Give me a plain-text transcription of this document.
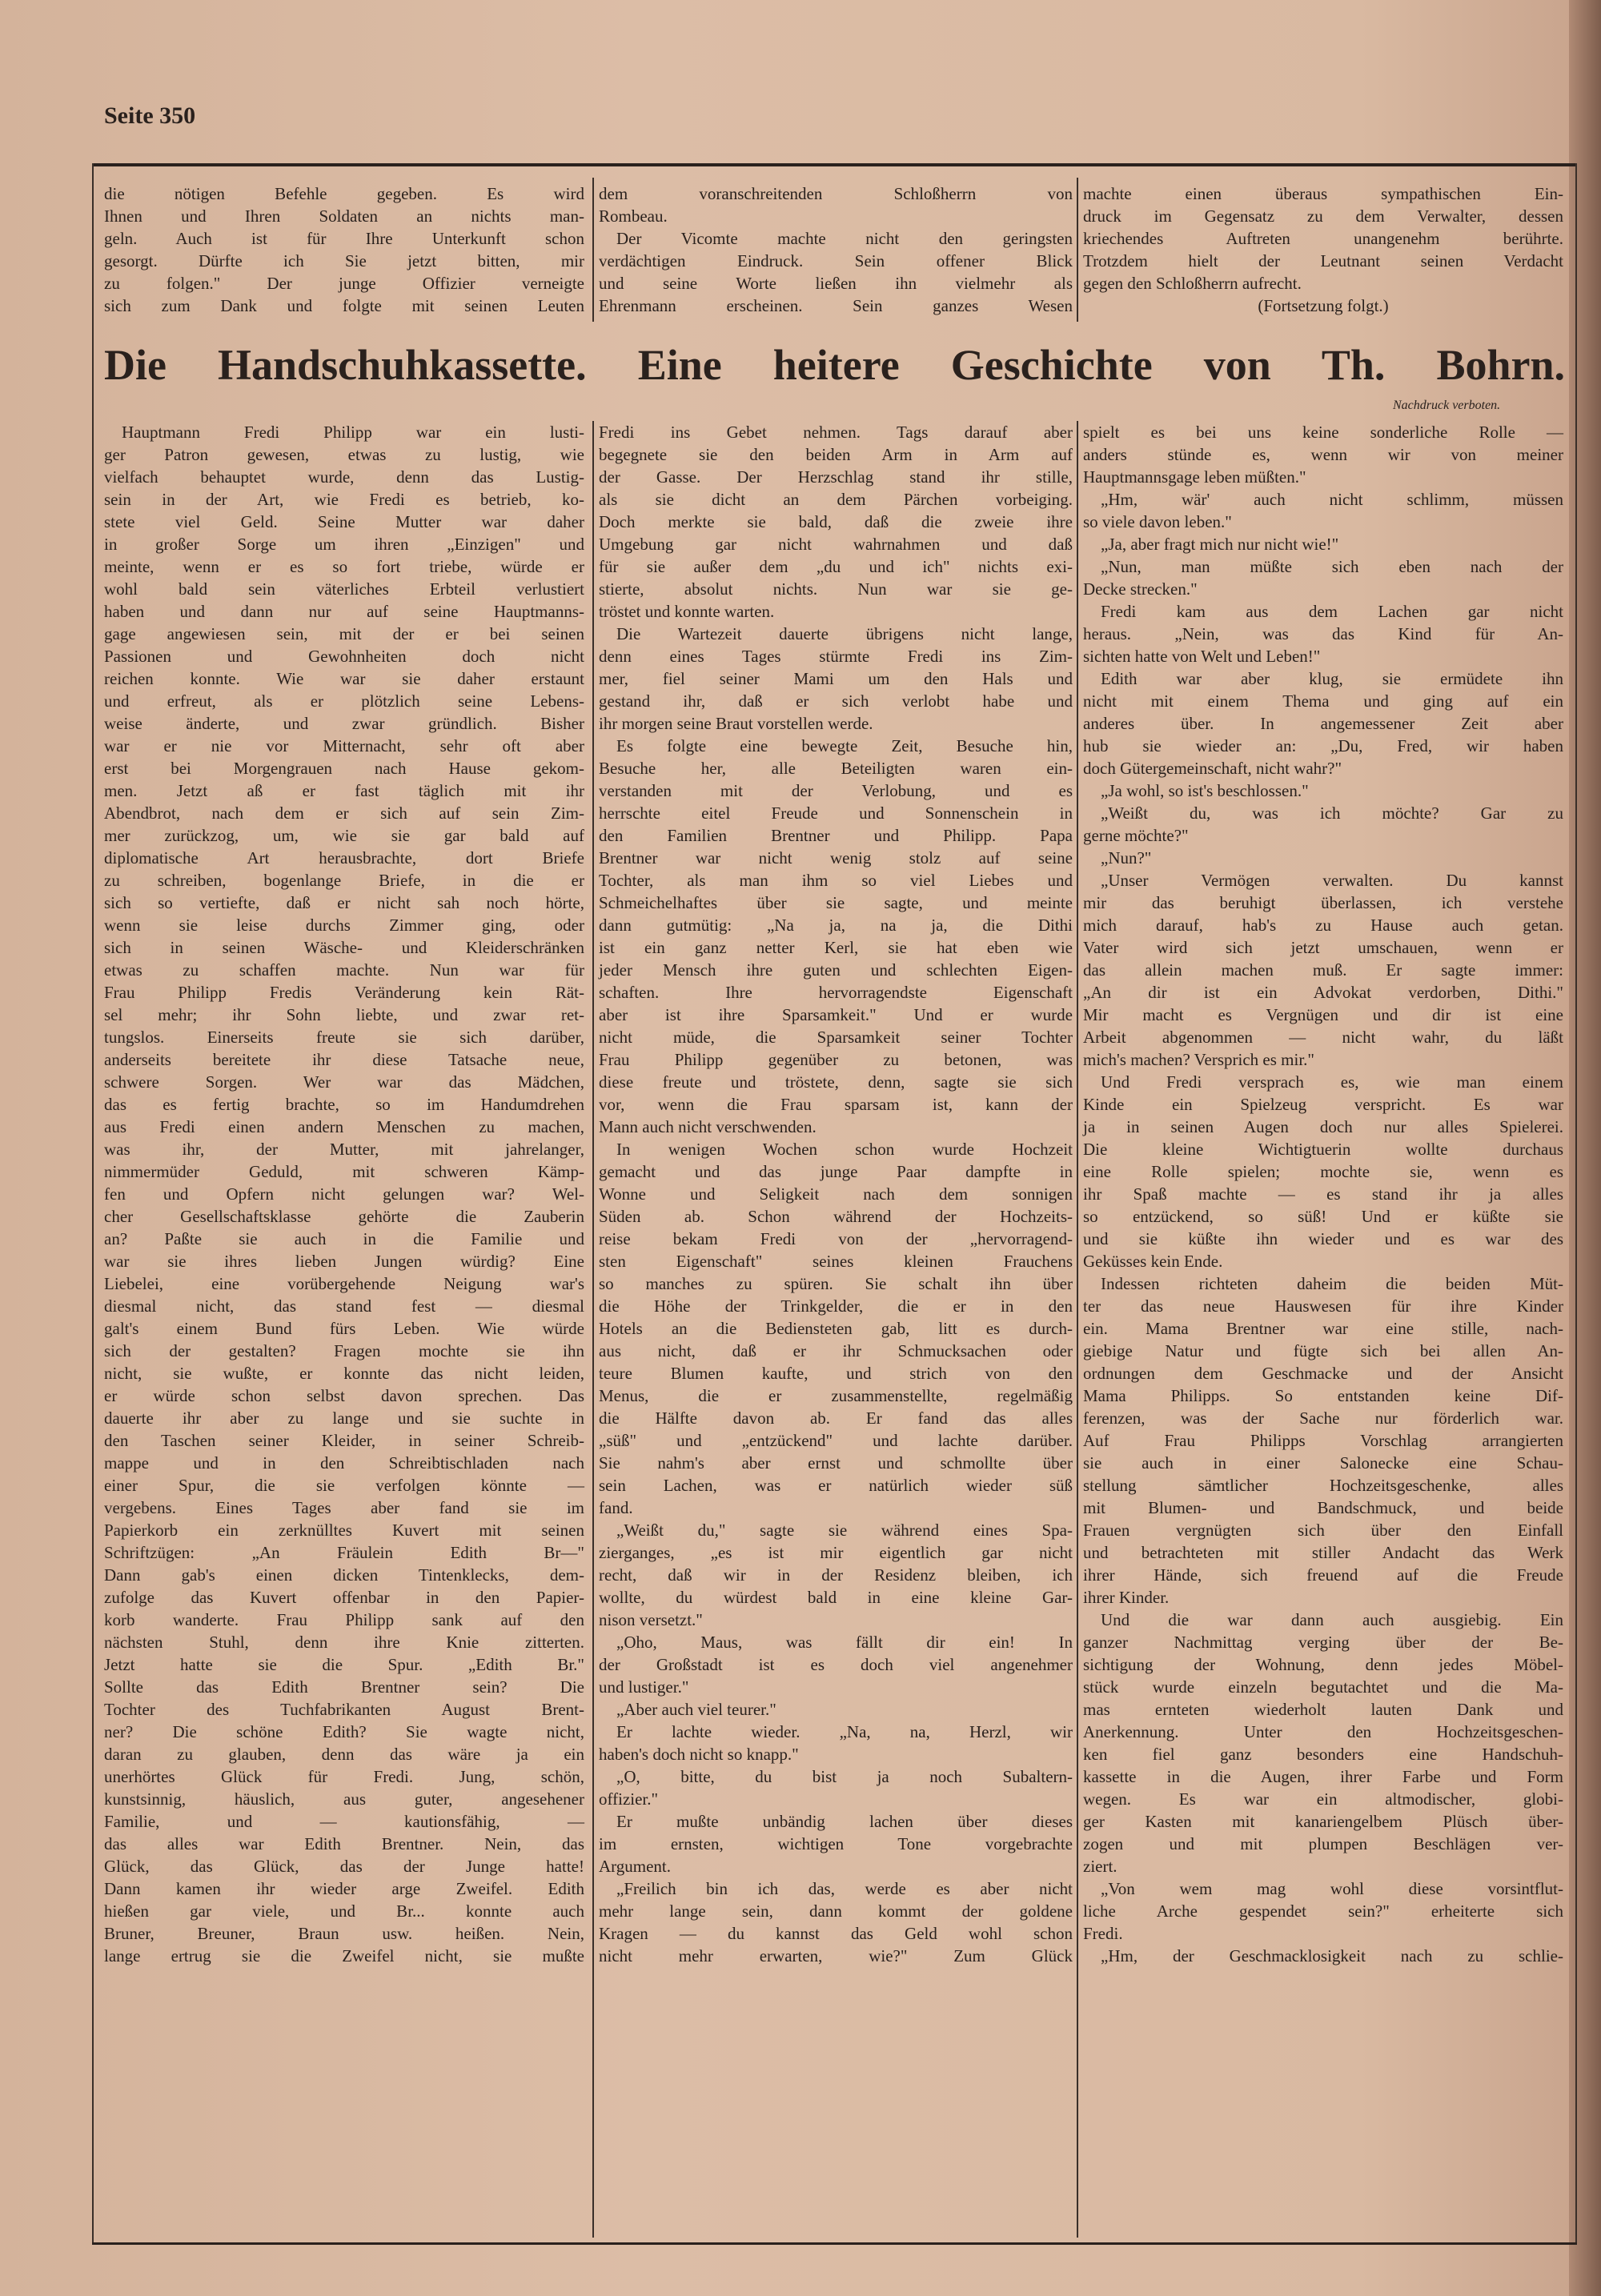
Seite 350
die nötigen Befehle gegeben. Es wird
Ihnen und Ihren Soldaten an nichts man-
geln. Auch ist für Ihre Unterkunft schon
gesorgt. Dürfte ich Sie jetzt bitten, mir
zu folgen." Der junge Offizier verneigte
sich zum Dank und folgte mit seinen Leuten
dem voranschreitenden Schloßherrn von
Rombeau.
Der Vicomte machte nicht den geringsten
verdächtigen Eindruck. Sein offener Blick
und seine Worte ließen ihn vielmehr als
Ehrenmann erscheinen. Sein ganzes Wesen
machte einen überaus sympathischen Ein-
druck im Gegensatz zu dem Verwalter, dessen
kriechendes Auftreten unangenehm berührte.
Trotzdem hielt der Leutnant seinen Verdacht
gegen den Schloßherrn aufrecht.
(Fortsetzung folgt.)
Die Handschuhkassette. Eine heitere Geschichte von Th. Bohrn.
Nachdruck verboten.
Hauptmann Fredi Philipp war ein lusti-
ger Patron gewesen, etwas zu lustig, wie
vielfach behauptet wurde, denn das Lustig-
sein in der Art, wie Fredi es betrieb, ko-
stete viel Geld. Seine Mutter war daher
in großer Sorge um ihren „Einzigen" und
meinte, wenn er es so fort triebe, würde er
wohl bald sein väterliches Erbteil verlustiert
haben und dann nur auf seine Hauptmanns-
gage angewiesen sein, mit der er bei seinen
Passionen und Gewohnheiten doch nicht
reichen konnte. Wie war sie daher erstaunt
und erfreut, als er plötzlich seine Lebens-
weise änderte, und zwar gründlich. Bisher
war er nie vor Mitternacht, sehr oft aber
erst bei Morgengrauen nach Hause gekom-
men. Jetzt aß er fast täglich mit ihr
Abendbrot, nach dem er sich auf sein Zim-
mer zurückzog, um, wie sie gar bald auf
diplomatische Art herausbrachte, dort Briefe
zu schreiben, bogenlange Briefe, in die er
sich so vertiefte, daß er nicht sah noch hörte,
wenn sie leise durchs Zimmer ging, oder
sich in seinen Wäsche- und Kleiderschränken
etwas zu schaffen machte. Nun war für
Frau Philipp Fredis Veränderung kein Rät-
sel mehr; ihr Sohn liebte, und zwar ret-
tungslos. Einerseits freute sie sich darüber,
anderseits bereitete ihr diese Tatsache neue,
schwere Sorgen. Wer war das Mädchen,
das es fertig brachte, so im Handumdrehen
aus Fredi einen andern Menschen zu machen,
was ihr, der Mutter, mit jahrelanger,
nimmermüder Geduld, mit schweren Kämp-
fen und Opfern nicht gelungen war? Wel-
cher Gesellschaftsklasse gehörte die Zauberin
an? Paßte sie auch in die Familie und
war sie ihres lieben Jungen würdig? Eine
Liebelei, eine vorübergehende Neigung war's
diesmal nicht, das stand fest — diesmal
galt's einem Bund fürs Leben. Wie würde
sich der gestalten? Fragen mochte sie ihn
nicht, sie wußte, er konnte das nicht leiden,
er würde schon selbst davon sprechen. Das
dauerte ihr aber zu lange und sie suchte in
den Taschen seiner Kleider, in seiner Schreib-
mappe und in den Schreibtischladen nach
einer Spur, die sie verfolgen könnte —
vergebens. Eines Tages aber fand sie im
Papierkorb ein zerknülltes Kuvert mit seinen
Schriftzügen: „An Fräulein Edith Br—"
Dann gab's einen dicken Tintenklecks, dem-
zufolge das Kuvert offenbar in den Papier-
korb wanderte. Frau Philipp sank auf den
nächsten Stuhl, denn ihre Knie zitterten.
Jetzt hatte sie die Spur. „Edith Br."
Sollte das Edith Brentner sein? Die
Tochter des Tuchfabrikanten August Brent-
ner? Die schöne Edith? Sie wagte nicht,
daran zu glauben, denn das wäre ja ein
unerhörtes Glück für Fredi. Jung, schön,
kunstsinnig, häuslich, aus guter, angesehener
Familie, und — kautionsfähig, —
das alles war Edith Brentner. Nein, das
Glück, das Glück, das der Junge hatte!
Dann kamen ihr wieder arge Zweifel. Edith
hießen gar viele, und Br... konnte auch
Bruner, Breuner, Braun usw. heißen. Nein,
lange ertrug sie die Zweifel nicht, sie mußte
Fredi ins Gebet nehmen. Tags darauf aber
begegnete sie den beiden Arm in Arm auf
der Gasse. Der Herzschlag stand ihr stille,
als sie dicht an dem Pärchen vorbeiging.
Doch merkte sie bald, daß die zweie ihre
Umgebung gar nicht wahrnahmen und daß
für sie außer dem „du und ich" nichts exi-
stierte, absolut nichts. Nun war sie ge-
tröstet und konnte warten.
Die Wartezeit dauerte übrigens nicht lange,
denn eines Tages stürmte Fredi ins Zim-
mer, fiel seiner Mami um den Hals und
gestand ihr, daß er sich verlobt habe und
ihr morgen seine Braut vorstellen werde.
Es folgte eine bewegte Zeit, Besuche hin,
Besuche her, alle Beteiligten waren ein-
verstanden mit der Verlobung, und es
herrschte eitel Freude und Sonnenschein in
den Familien Brentner und Philipp. Papa
Brentner war nicht wenig stolz auf seine
Tochter, als man ihm so viel Liebes und
Schmeichelhaftes über sie sagte, und meinte
dann gutmütig: „Na ja, na ja, die Dithi
ist ein ganz netter Kerl, sie hat eben wie
jeder Mensch ihre guten und schlechten Eigen-
schaften. Ihre hervorragendste Eigenschaft
aber ist ihre Sparsamkeit." Und er wurde
nicht müde, die Sparsamkeit seiner Tochter
Frau Philipp gegenüber zu betonen, was
diese freute und tröstete, denn, sagte sie sich
vor, wenn die Frau sparsam ist, kann der
Mann auch nicht verschwenden.
In wenigen Wochen schon wurde Hochzeit
gemacht und das junge Paar dampfte in
Wonne und Seligkeit nach dem sonnigen
Süden ab. Schon während der Hochzeits-
reise bekam Fredi von der „hervorragend-
sten Eigenschaft" seines kleinen Frauchens
so manches zu spüren. Sie schalt ihn über
die Höhe der Trinkgelder, die er in den
Hotels an die Bediensteten gab, litt es durch-
aus nicht, daß er ihr Schmucksachen oder
teure Blumen kaufte, und strich von den
Menus, die er zusammenstellte, regelmäßig
die Hälfte davon ab. Er fand das alles
„süß" und „entzückend" und lachte darüber.
Sie nahm's aber ernst und schmollte über
sein Lachen, was er natürlich wieder süß
fand.
„Weißt du," sagte sie während eines Spa-
zierganges, „es ist mir eigentlich gar nicht
recht, daß wir in der Residenz bleiben, ich
wollte, du würdest bald in eine kleine Gar-
nison versetzt."
„Oho, Maus, was fällt dir ein! In
der Großstadt ist es doch viel angenehmer
und lustiger."
„Aber auch viel teurer."
Er lachte wieder. „Na, na, Herzl, wir
haben's doch nicht so knapp."
„O, bitte, du bist ja noch Subaltern-
offizier."
Er mußte unbändig lachen über dieses
im ernsten, wichtigen Tone vorgebrachte
Argument.
„Freilich bin ich das, werde es aber nicht
mehr lange sein, dann kommt der goldene
Kragen — du kannst das Geld wohl schon
nicht mehr erwarten, wie?" Zum Glück
spielt es bei uns keine sonderliche Rolle —
anders stünde es, wenn wir von meiner
Hauptmannsgage leben müßten."
„Hm, wär' auch nicht schlimm, müssen
so viele davon leben."
„Ja, aber fragt mich nur nicht wie!"
„Nun, man müßte sich eben nach der
Decke strecken."
Fredi kam aus dem Lachen gar nicht
heraus. „Nein, was das Kind für An-
sichten hatte von Welt und Leben!"
Edith war aber klug, sie ermüdete ihn
nicht mit einem Thema und ging auf ein
anderes über. In angemessener Zeit aber
hub sie wieder an: „Du, Fred, wir haben
doch Gütergemeinschaft, nicht wahr?"
„Ja wohl, so ist's beschlossen."
„Weißt du, was ich möchte? Gar zu
gerne möchte?"
„Nun?"
„Unser Vermögen verwalten. Du kannst
mir das beruhigt überlassen, ich verstehe
mich darauf, hab's zu Hause auch getan.
Vater wird sich jetzt umschauen, wenn er
das allein machen muß. Er sagte immer:
„An dir ist ein Advokat verdorben, Dithi."
Mir macht es Vergnügen und dir ist eine
Arbeit abgenommen — nicht wahr, du läßt
mich's machen? Versprich es mir."
Und Fredi versprach es, wie man einem
Kinde ein Spielzeug verspricht. Es war
ja in seinen Augen doch nur alles Spielerei.
Die kleine Wichtigtuerin wollte durchaus
eine Rolle spielen; mochte sie, wenn es
ihr Spaß machte — es stand ihr ja alles
so entzückend, so süß! Und er küßte sie
und sie küßte ihn wieder und es war des
Geküsses kein Ende.
Indessen richteten daheim die beiden Müt-
ter das neue Hauswesen für ihre Kinder
ein. Mama Brentner war eine stille, nach-
giebige Natur und fügte sich bei allen An-
ordnungen dem Geschmacke und der Ansicht
Mama Philipps. So entstanden keine Dif-
ferenzen, was der Sache nur förderlich war.
Auf Frau Philipps Vorschlag arrangierten
sie auch in einer Salonecke eine Schau-
stellung sämtlicher Hochzeitsgeschenke, alles
mit Blumen- und Bandschmuck, und beide
Frauen vergnügten sich über den Einfall
und betrachteten mit stiller Andacht das Werk
ihrer Hände, sich freuend auf die Freude
ihrer Kinder.
Und die war dann auch ausgiebig. Ein
ganzer Nachmittag verging über der Be-
sichtigung der Wohnung, denn jedes Möbel-
stück wurde einzeln begutachtet und die Ma-
mas ernteten wiederholt lauten Dank und
Anerkennung. Unter den Hochzeitsgeschen-
ken fiel ganz besonders eine Handschuh-
kassette in die Augen, ihrer Farbe und Form
wegen. Es war ein altmodischer, globi-
ger Kasten mit kanariengelbem Plüsch über-
zogen und mit plumpen Beschlägen ver-
ziert.
„Von wem mag wohl diese vorsintflut-
liche Arche gespendet sein?" erheiterte sich
Fredi.
„Hm, der Geschmacklosigkeit nach zu schlie-
